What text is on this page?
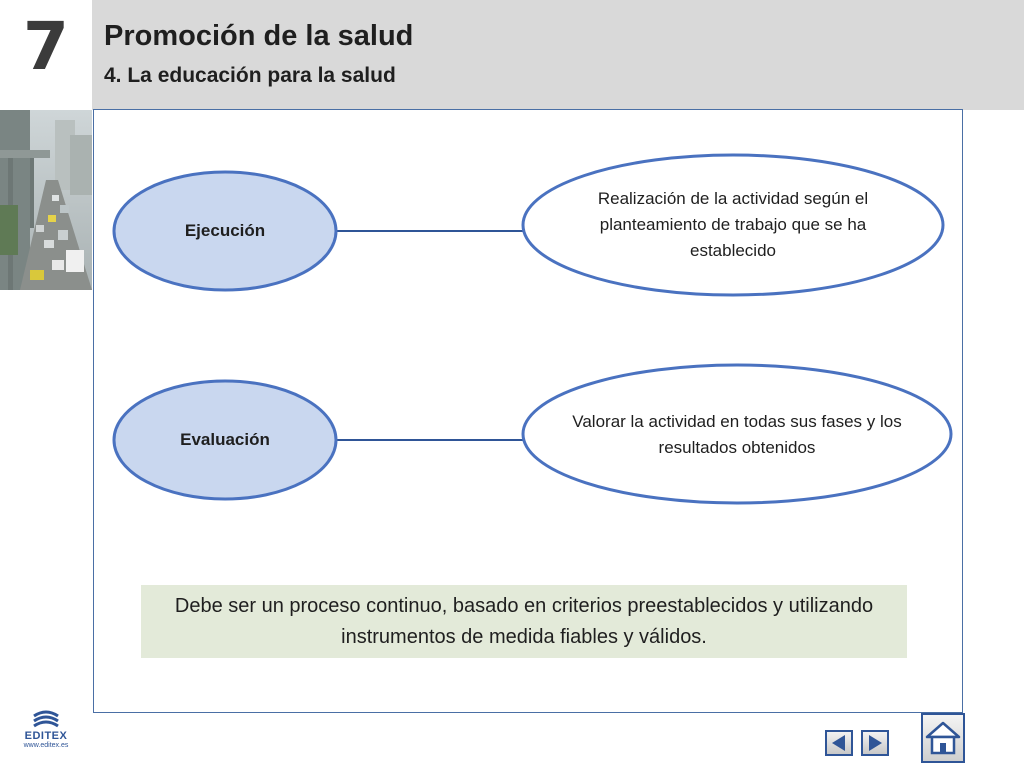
7	Promoción de la salud
4. La educación para la salud
Ejecución
Realización de la actividad según el planteamiento de trabajo que se ha establecido
Evaluación
Valorar la actividad en todas sus fases y los resultados obtenidos
Debe ser un proceso continuo, basado en criterios preestablecidos y utilizando instrumentos de medida fiables y válidos.
EDITEX
www.editex.es
